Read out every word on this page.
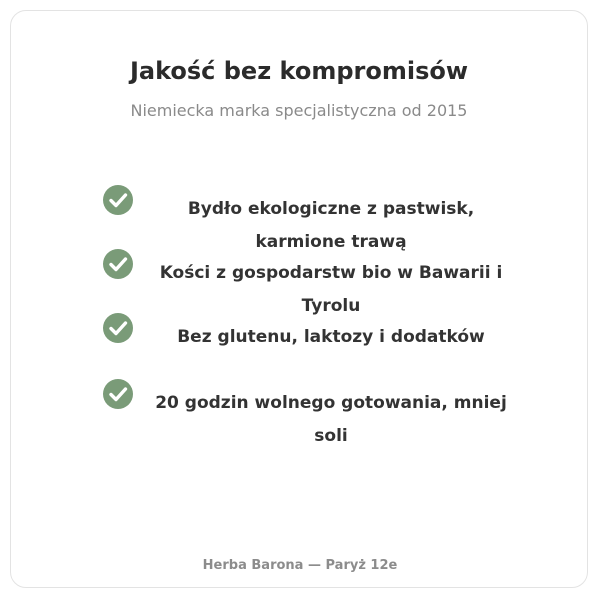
Jakość bez kompromisów

Niemiecka marka specjalistyczna od 2015

Bydło ekologiczne z pastwisk, karmione trawą
Kości z gospodarstw bio w Bawarii i Tyrolu
Bez glutenu, laktozy i dodatków
20 godzin wolnego gotowania, mniej soli
Herba Barona — Paryż 12e
